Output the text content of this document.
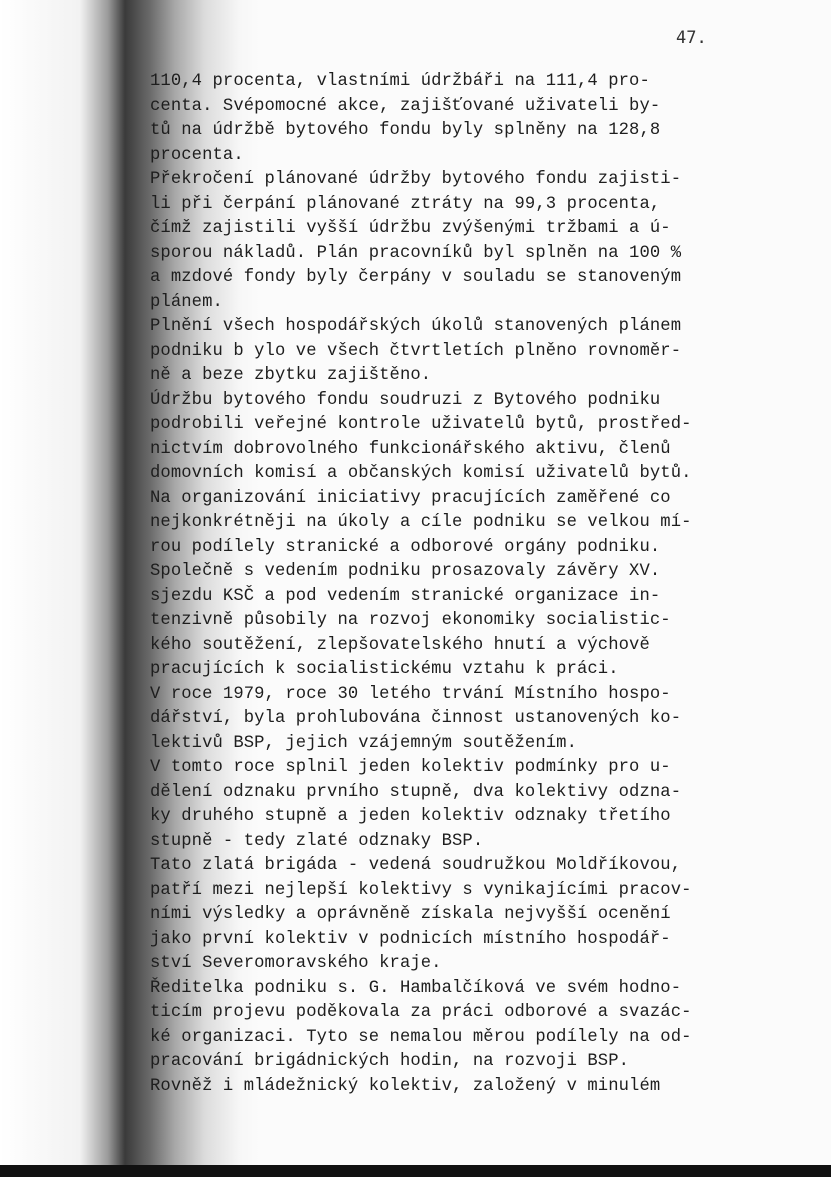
47.
110,4 procenta, vlastními údržbáři na 111,4 pro-
centa. Svépomocné akce, zajišťované uživateli by-
tů na údržbě bytového fondu byly splněny na 128,8
procenta.
Překročení plánované údržby bytového fondu zajisti-
li při čerpání plánované ztráty na 99,3 procenta,
čímž zajistili vyšší údržbu zvýšenými tržbami a ú-
sporou nákladů. Plán pracovníků byl splněn na 100 %
a mzdové fondy byly čerpány v souladu se stanoveným
plánem.
Plnění všech hospodářských úkolů stanovených plánem
podniku b ylo ve všech čtvrtletích plněno rovnoměr-
ně a beze zbytku zajištěno.
Údržbu bytového fondu soudruzi z Bytového podniku
podrobili veřejné kontrole uživatelů bytů, prostřed-
nictvím dobrovolného funkcionářského aktivu, členů
domovních komisí a občanských komisí uživatelů bytů.
Na organizování iniciativy pracujících zaměřené co
nejkonkrétněji na úkoly a cíle podniku se velkou mí-
rou podílely stranické a odborové orgány podniku.
Společně s vedením podniku prosazovaly závěry XV.
sjezdu KSČ a pod vedením stranické organizace in-
tenzivně působily na rozvoj ekonomiky socialistic-
kého soutěžení, zlepšovatelského hnutí a výchově
pracujících k socialistickému vztahu k práci.
V roce 1979, roce 30 letého trvání Místního hospo-
dářství, byla prohlubována činnost ustanovených ko-
lektivů BSP, jejich vzájemným soutěžením.
V tomto roce splnil jeden kolektiv podmínky pro u-
dělení odznaku prvního stupně, dva kolektivy odzna-
ky druhého stupně a jeden kolektiv odznaky třetího
stupně - tedy zlaté odznaky BSP.
Tato zlatá brigáda - vedená soudružkou Moldříkovou,
patří mezi nejlepší kolektivy s vynikajícími pracov-
ními výsledky a oprávněně získala nejvyšší ocenění
jako první kolektiv v podnicích místního hospodář-
ství Severomoravského kraje.
Ředitelka podniku s. G. Hambalčíková ve svém hodno-
ticím projevu poděkovala za práci odborové a svazác-
ké organizaci. Tyto se nemalou měrou podílely na od-
pracování brigádnických hodin, na rozvoji BSP.
Rovněž i mládežnický kolektiv, založený v minulém
